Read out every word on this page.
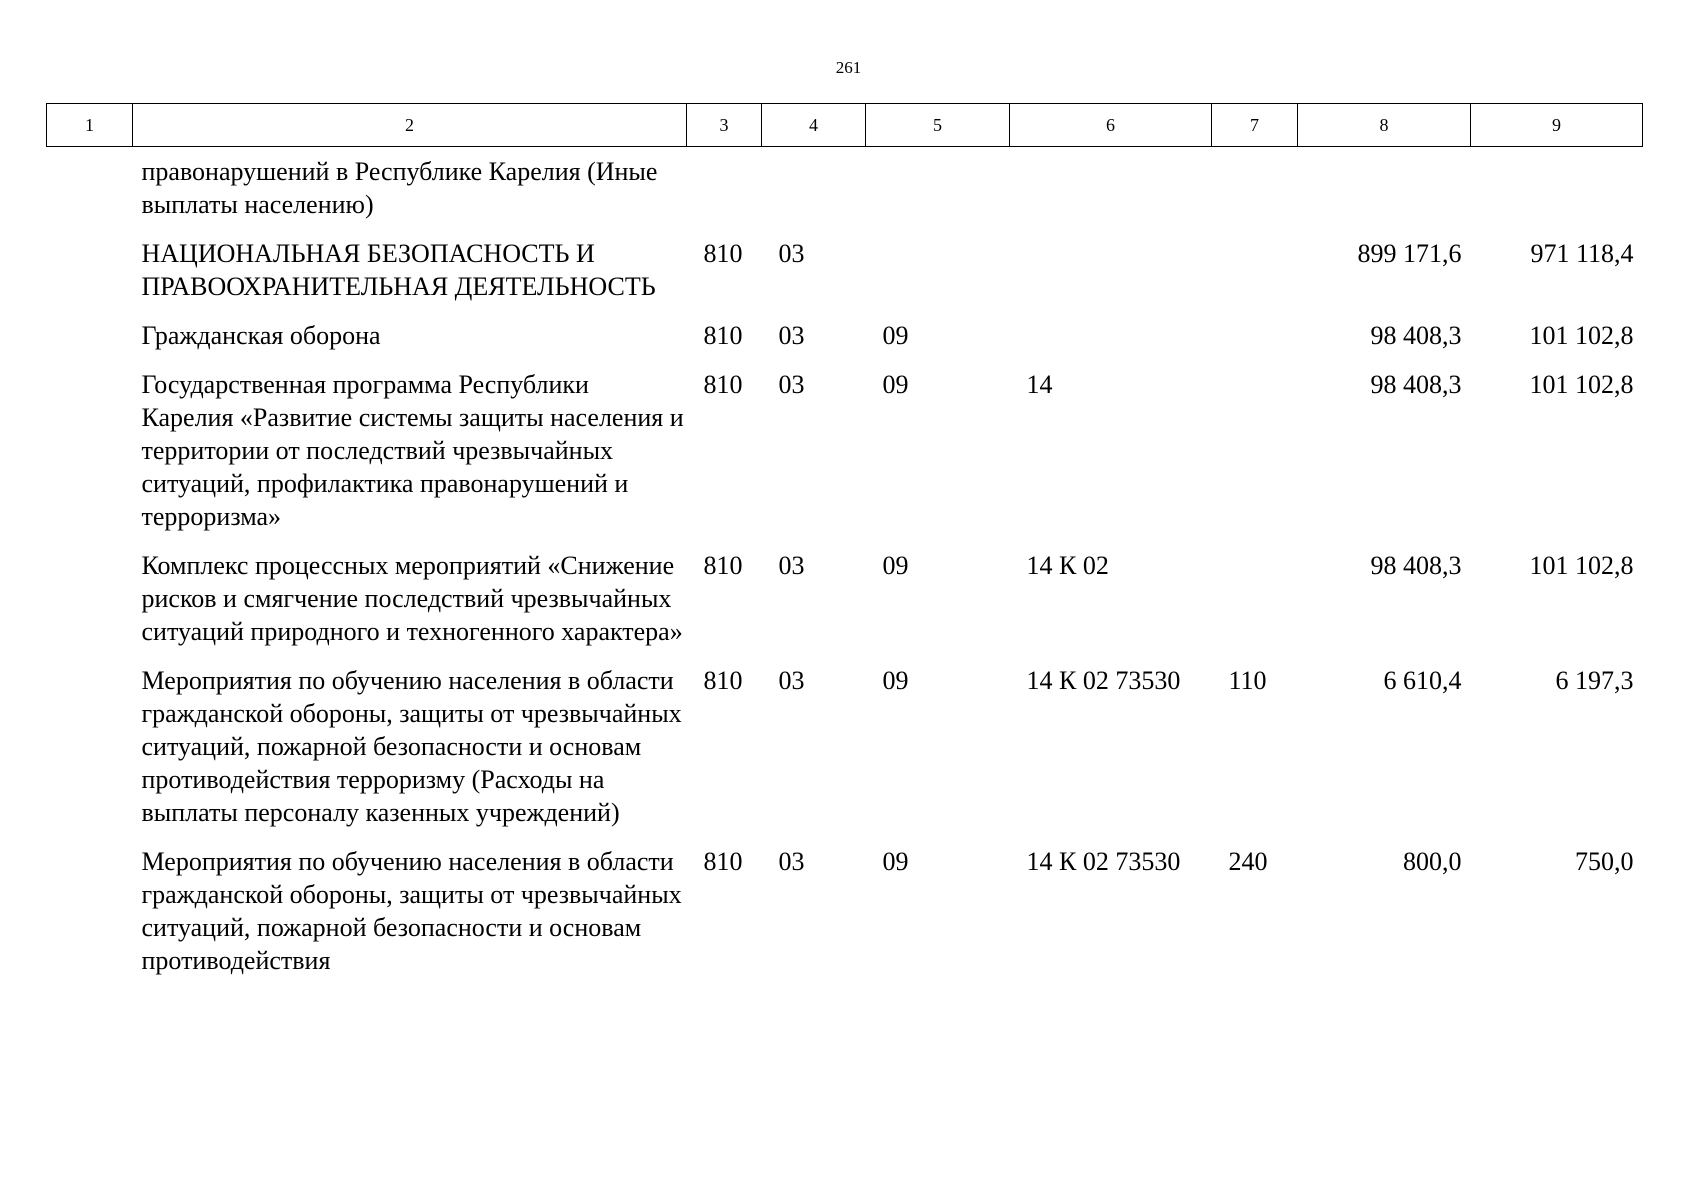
261
1	2	3	4	5	6	7	8	9
	правонарушений в Республике Карелия (Иные выплаты населению)							
	НАЦИОНАЛЬНАЯ БЕЗОПАСНОСТЬ И ПРАВООХРАНИТЕЛЬНАЯ ДЕЯТЕЛЬНОСТЬ	810	03				899 171,6	971 118,4
	Гражданская оборона	810	03	09			98 408,3	101 102,8
	Государственная программа Республики Карелия «Развитие системы защиты населения и территории от последствий чрезвычайных ситуаций, профилактика правонарушений и терроризма»	810	03	09	14		98 408,3	101 102,8
	Комплекс процессных мероприятий «Снижение рисков и смягчение последствий чрезвычайных ситуаций природного и техногенного характера»	810	03	09	14 К 02		98 408,3	101 102,8
	Мероприятия по обучению населения в области гражданской обороны, защиты от чрезвычайных ситуаций, пожарной безопасности и основам противодействия терроризму (Расходы на выплаты персоналу казенных учреждений)	810	03	09	14 К 02 73530	110	6 610,4	6 197,3
	Мероприятия по обучению населения в области гражданской обороны, защиты от чрезвычайных ситуаций, пожарной безопасности и основам противодействия	810	03	09	14 К 02 73530	240	800,0	750,0
